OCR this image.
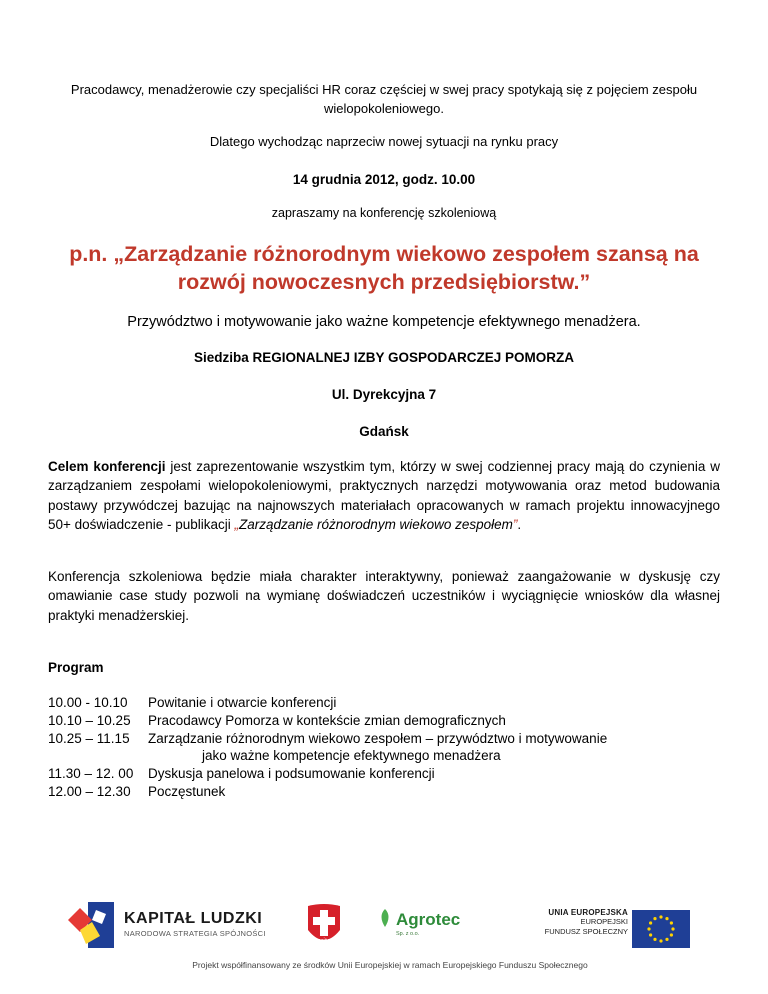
Pracodawcy, menadżerowie czy specjaliści HR coraz częściej w swej pracy spotykają się z pojęciem zespołu wielopokoleniowego.
Dlatego wychodząc naprzeciw nowej sytuacji na rynku pracy
14 grudnia 2012, godz. 10.00
zapraszamy na konferencję szkoleniową
p.n. „Zarządzanie różnorodnym wiekowo zespołem szansą na rozwój nowoczesnych przedsiębiorstw.”
Przywództwo i motywowanie jako ważne kompetencje efektywnego menadżera.
Siedziba REGIONALNEJ IZBY GOSPODARCZEJ POMORZA
Ul. Dyrekcyjna 7
Gdańsk
Celem konferencji jest zaprezentowanie wszystkim tym, którzy w swej codziennej pracy mają do czynienia w zarządzaniem zespołami wielopokoleniowymi, praktycznych narzędzi motywowania oraz metod budowania postawy przywódczej bazując na najnowszych materiałach opracowanych w ramach projektu innowacyjnego 50+ doświadczenie - publikacji „Zarządzanie różnorodnym wiekowo zespołem”.
Konferencja szkoleniowa będzie miała charakter interaktywny, ponieważ zaangażowanie w dyskusję czy omawianie case study pozwoli na wymianę doświadczeń uczestników i wyciągnięcie wniosków dla własnej praktyki menadżerskiej.
Program
10.00 - 10.10	Powitanie i otwarcie konferencji
10.10 – 10.25	Pracodawcy Pomorza w kontekście zmian demograficznych
10.25 – 11.15	Zarządzanie różnorodnym wiekowo zespołem – przywództwo i motywowanie
jako ważne kompetencje efektywnego menadżera
11.30 – 12. 00	Dyskusja panelowa i podsumowanie konferencji
12.00 – 12.30	Poczęstunek
KAPITAŁ LUDZKI
NARODOWA STRATEGIA SPÓJNOŚCI
caritas
Agrotec
Sp. z o.o.
UNIA EUROPEJSKA
EUROPEJSKI
FUNDUSZ SPOŁECZNY
Projekt współfinansowany ze środków Unii Europejskiej w ramach Europejskiego Funduszu Społecznego
